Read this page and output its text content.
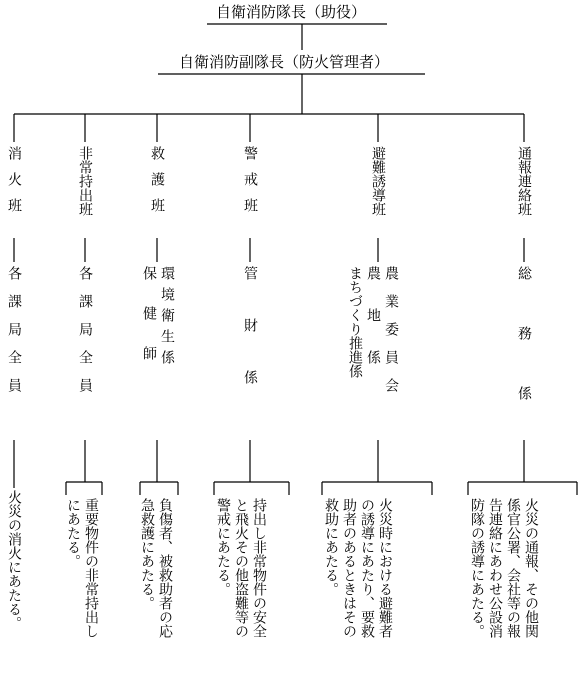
自衛消防隊長（助役）
自衛消防副隊長（防火管理者）
消火班
各課局全員
火災の消火にあたる。
非常持出班
各課局全員
重要物件の非常持出し
にあたる。
救護班
環境衛生係
保健師
負傷者、被救助者の応
急救護にあたる。
警戒班
管財係
持出し非常物件の安全
と飛火その他盗難等の
警戒にあたる。
避難誘導班
農業委員会
農地係
まちづくり推進係
火災時における避難者
の誘導にあたり、要救
助者のあるときはその
救助にあたる。
通報連絡班
総務係
火災の通報、その他関
係官公署、会社等の報
告連絡にあわせ公設消
防隊の誘導にあたる。
